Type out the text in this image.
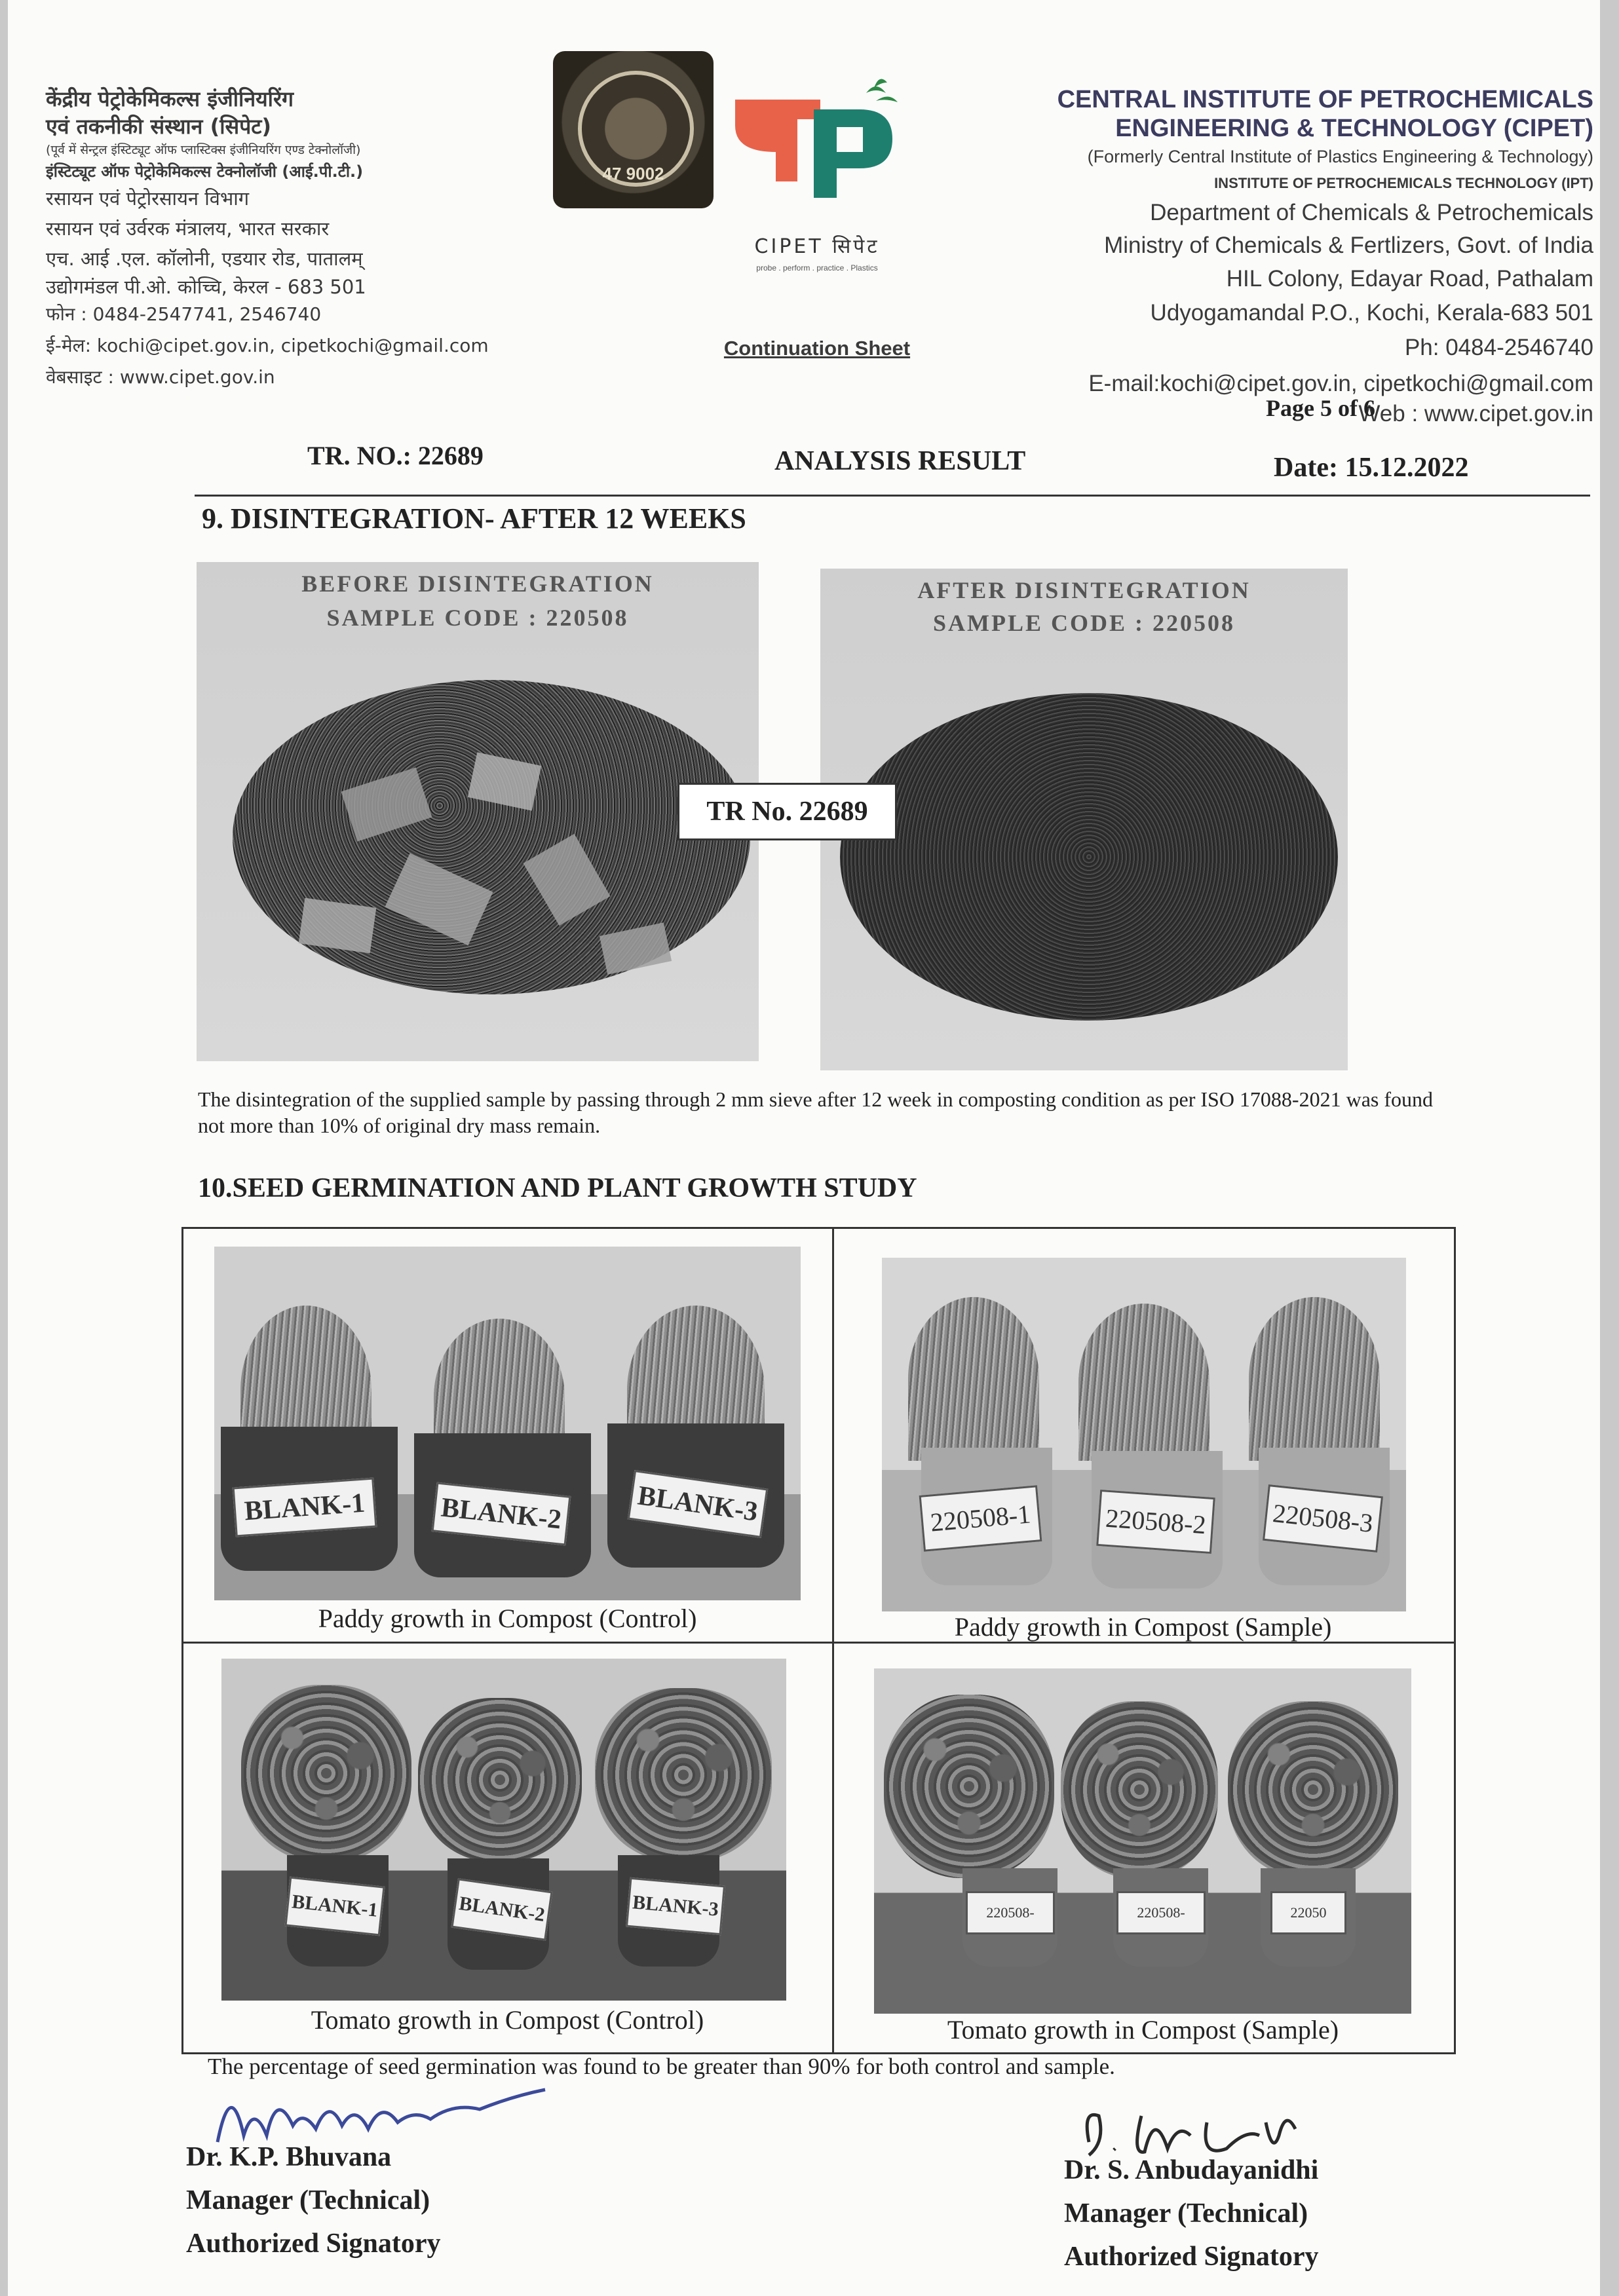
केंद्रीय पेट्रोकेमिकल्स इंजीनियरिंग
एवं तकनीकी संस्थान (सिपेट)
(पूर्व में सेन्ट्रल इंस्टिट्यूट ऑफ प्लास्टिक्स इंजीनियरिंग एण्ड टेक्नोलॉजी)
इंस्टिट्यूट ऑफ पेट्रोकेमिकल्स टेक्नोलॉजी (आई.पी.टी.)
रसायन एवं पेट्रोरसायन विभाग
रसायन एवं उर्वरक मंत्रालय, भारत सरकार
एच. आई .एल. कॉलोनी, एडयार रोड, पातालम्
उद्योगमंडल पी.ओ. कोच्चि, केरल - 683 501
फोन : 0484-2547741, 2546740
ई-मेल: kochi@cipet.gov.in, cipetkochi@gmail.com
वेबसाइट : www.cipet.gov.in
47 9002
CIPET सिपेट
probe . perform . practice . Plastics
Continuation Sheet
CENTRAL INSTITUTE OF PETROCHEMICALS
ENGINEERING & TECHNOLOGY (CIPET)
(Formerly Central Institute of Plastics Engineering & Technology)
INSTITUTE OF PETROCHEMICALS TECHNOLOGY (IPT)
Department of Chemicals & Petrochemicals
Ministry of Chemicals & Fertlizers, Govt. of India
HIL Colony, Edayar Road, Pathalam
Udyogamandal P.O., Kochi, Kerala-683 501
Ph: 0484-2546740
E-mail:kochi@cipet.gov.in, cipetkochi@gmail.com
Web : www.cipet.gov.in
Page 5 of 6
TR. NO.: 22689	ANALYSIS RESULT	Date: 15.12.2022
9. DISINTEGRATION- AFTER 12 WEEKS
BEFORE DISINTEGRATION
SAMPLE CODE : 220508
AFTER DISINTEGRATION
SAMPLE CODE : 220508
TR No. 22689
The disintegration of the supplied sample by passing through 2 mm sieve after 12 week in composting condition as per ISO 17088-2021 was found not more than 10% of original dry mass remain.
10.SEED GERMINATION AND PLANT GROWTH STUDY
BLANK-1	BLANK-2	BLANK-3
Paddy growth in Compost (Control)
220508-1	220508-2	220508-3
Paddy growth in Compost (Sample)
BLANK-1	BLANK-2	BLANK-3
Tomato growth in Compost (Control)
220508-	220508-	22050
Tomato growth in Compost (Sample)
The percentage of seed germination was found to be greater than 90% for both control and sample.
Dr. K.P. Bhuvana
Manager (Technical)
Authorized Signatory
Dr. S. Anbudayanidhi
Manager (Technical)
Authorized Signatory
